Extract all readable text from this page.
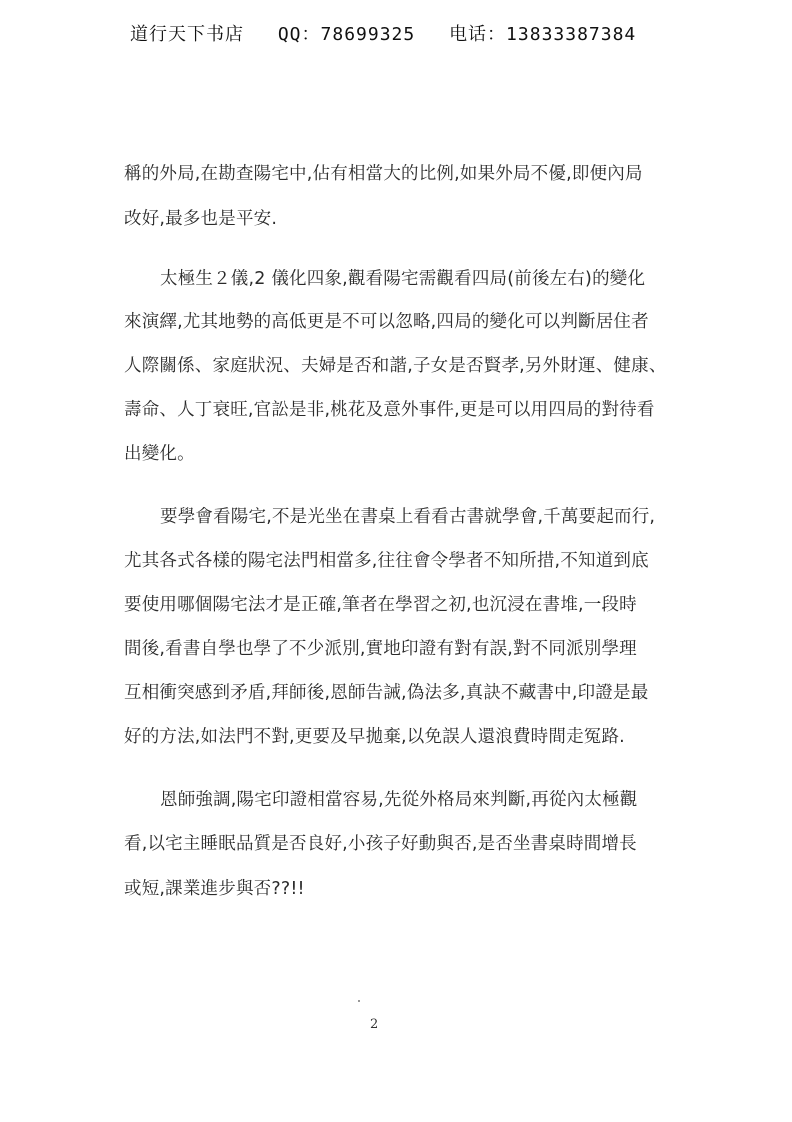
道行天下书店 QQ：78699325 电话：13833387384
稱的外局,在勘查陽宅中,佔有相當大的比例,如果外局不優,即便內局
改好,最多也是平安.
太極生２儀,2 儀化四象,觀看陽宅需觀看四局(前後左右)的變化
來演繹,尤其地勢的高低更是不可以忽略,四局的變化可以判斷居住者
人際關係、家庭狀況、夫婦是否和諧,子女是否賢孝,另外財運、健康、
壽命、人丁衰旺,官訟是非,桃花及意外事件,更是可以用四局的對待看
出變化。
要學會看陽宅,不是光坐在書桌上看看古書就學會,千萬要起而行,
尤其各式各樣的陽宅法門相當多,往往會令學者不知所措,不知道到底
要使用哪個陽宅法才是正確,筆者在學習之初,也沉浸在書堆,一段時
間後,看書自學也學了不少派別,實地印證有對有誤,對不同派別學理
互相衝突感到矛盾,拜師後,恩師告誡,偽法多,真訣不藏書中,印證是最
好的方法,如法門不對,更要及早拋棄,以免誤人還浪費時間走冤路.
恩師強調,陽宅印證相當容易,先從外格局來判斷,再從內太極觀
看,以宅主睡眠品質是否良好,小孩子好動與否,是否坐書桌時間增長
或短,課業進步與否??!!
2
